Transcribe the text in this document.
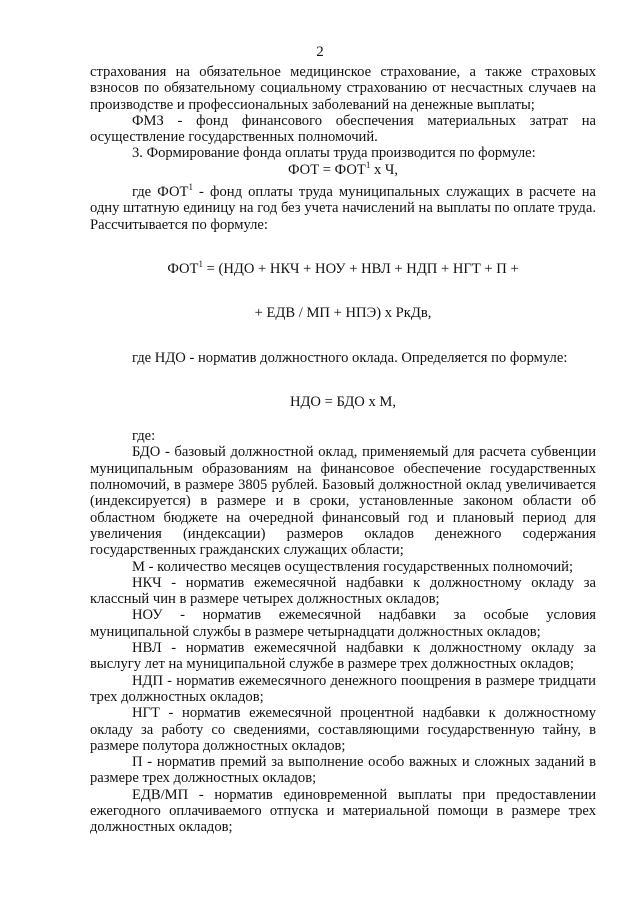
2

страхования на обязательное медицинское страхование, а также страховых взносов по обязательному социальному страхованию от несчастных случаев на производстве и профессиональных заболеваний на денежные выплаты;

ФМЗ - фонд финансового обеспечения материальных затрат на осуществление государственных полномочий.

3. Формирование фонда оплаты труда производится по формуле:

ФОТ = $ФОТ^1$ х Ч,

где ФОТ$^1$ - фонд оплаты труда муниципальных служащих в расчете на одну штатную единицу на год без учета начислений на выплаты по оплате труда. Рассчитывается по формуле:

$ФОТ^1 = (НДО$ + НКЧ + НОУ + НВЛ + НДП + НГТ + П +

+ ЕДВ / МП + НПЭ) х РкДв,

где НДО - норматив должностного оклада. Определяется по формуле:

НДО = БДО х М,

где:

БДО - базовый должностной оклад, применяемый для расчета субвенции муниципальным образованиям на финансовое обеспечение государственных полномочий, в размере 3805 рублей. Базовый должностной оклад увеличивается (индексируется) в размере и в сроки, установленные законом области об областном бюджете на очередной финансовый год и плановый период для увеличения (индексации) размеров окладов денежного содержания государственных гражданских служащих области;

М - количество месяцев осуществления государственных полномочий;

НКЧ - норматив ежемесячной надбавки к должностному окладу за классный чин в размере четырех должностных окладов;

НОУ - норматив ежемесячной надбавки за особые условия муниципальной службы в размере четырнадцати должностных окладов;

НВЛ - норматив ежемесячной надбавки к должностному окладу за выслугу лет на муниципальной службе в размере трех должностных окладов;

НДП - норматив ежемесячного денежного поощрения в размере тридцати трех должностных окладов;

НГТ - норматив ежемесячной процентной надбавки к должностному окладу за работу со сведениями, составляющими государственную тайну, в размере полутора должностных окладов;

П - норматив премий за выполнение особо важных и сложных заданий в размере трех должностных окладов;

ЕДВ/МП - норматив единовременной выплаты при предоставлении ежегодного оплачиваемого отпуска и материальной помощи в размере трех должностных окладов;
